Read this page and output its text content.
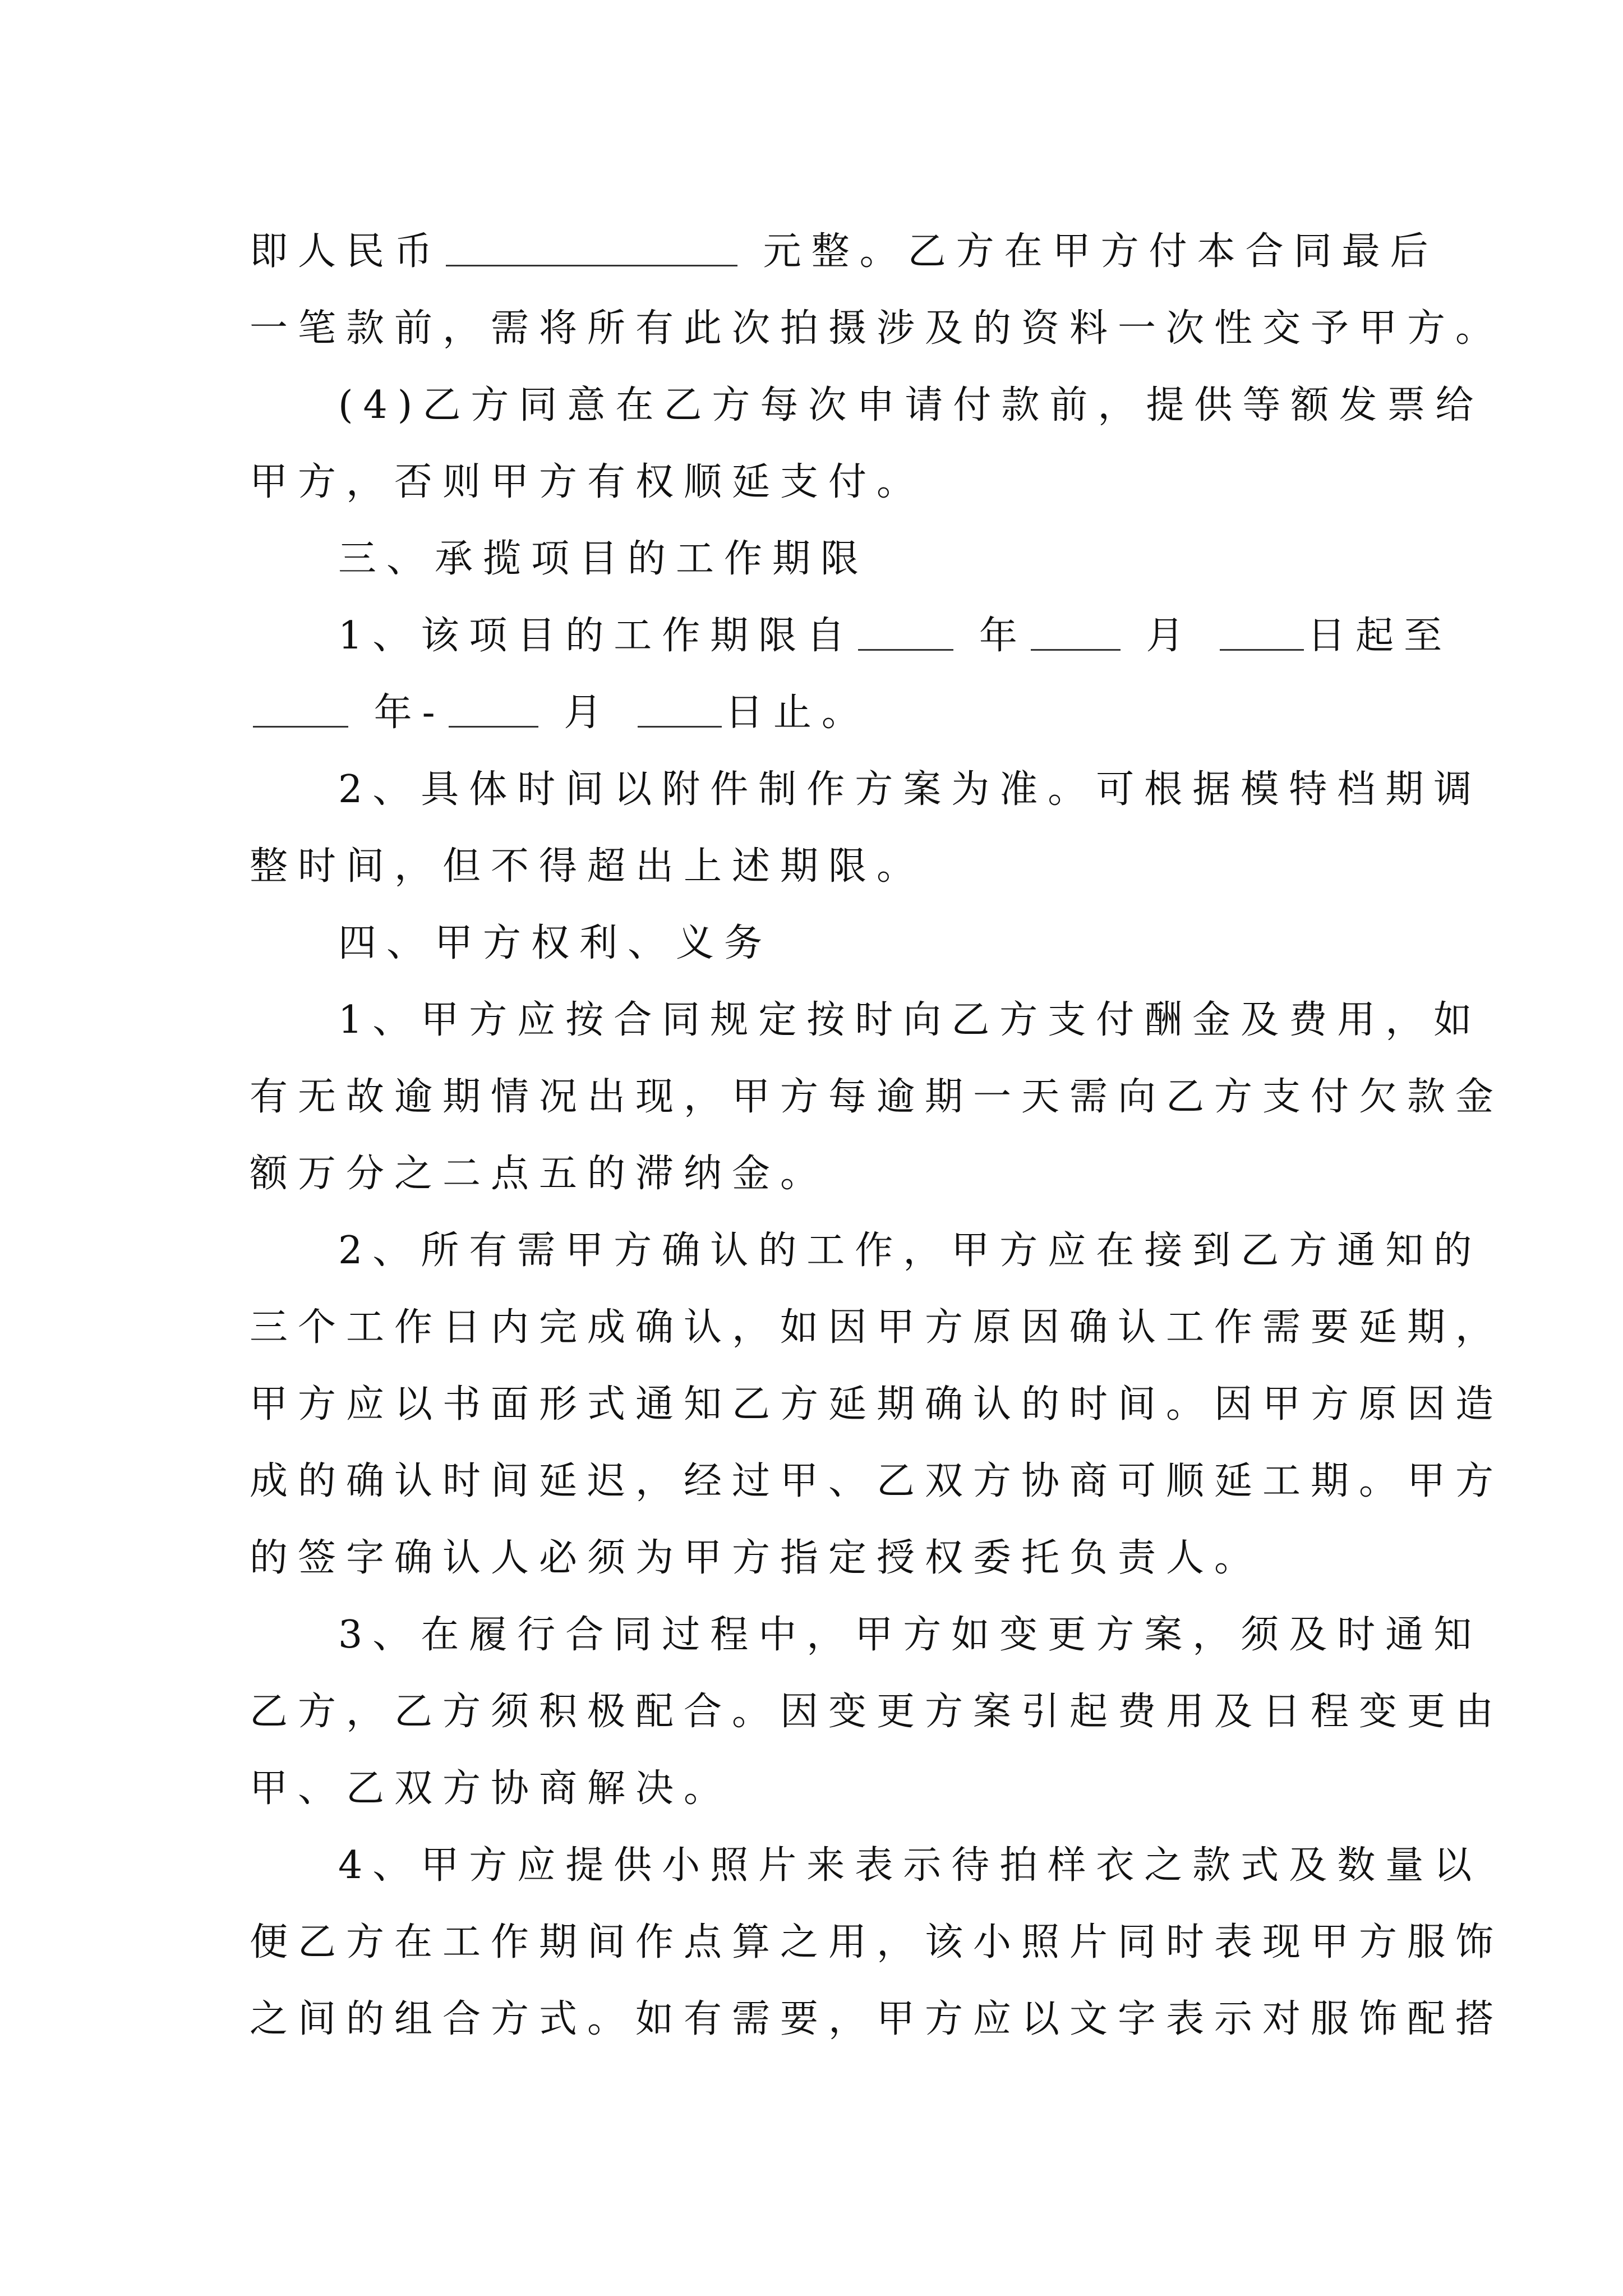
即人民币	元整。乙方在甲方付本合同最后
一笔款前，需将所有此次拍摄涉及的资料一次性交予甲方。
(4)乙方同意在乙方每次申请付款前，提供等额发票给
甲方，否则甲方有权顺延支付。
三、承揽项目的工作期限
1、该项目的工作期限自	年	月 日起至
年-	月 日止。
2、具体时间以附件制作方案为准。可根据模特档期调
整时间，但不得超出上述期限。
四、甲方权利、义务
1、甲方应按合同规定按时向乙方支付酬金及费用，如
有无故逾期情况出现，甲方每逾期一天需向乙方支付欠款金
额万分之二点五的滞纳金。
2、所有需甲方确认的工作，甲方应在接到乙方通知的
三个工作日内完成确认，如因甲方原因确认工作需要延期，
甲方应以书面形式通知乙方延期确认的时间。因甲方原因造
成的确认时间延迟，经过甲、乙双方协商可顺延工期。甲方
的签字确认人必须为甲方指定授权委托负责人。
3、在履行合同过程中，甲方如变更方案，须及时通知
乙方，乙方须积极配合。因变更方案引起费用及日程变更由
甲、乙双方协商解决。
4、甲方应提供小照片来表示待拍样衣之款式及数量以
便乙方在工作期间作点算之用，该小照片同时表现甲方服饰
之间的组合方式。如有需要，甲方应以文字表示对服饰配搭
